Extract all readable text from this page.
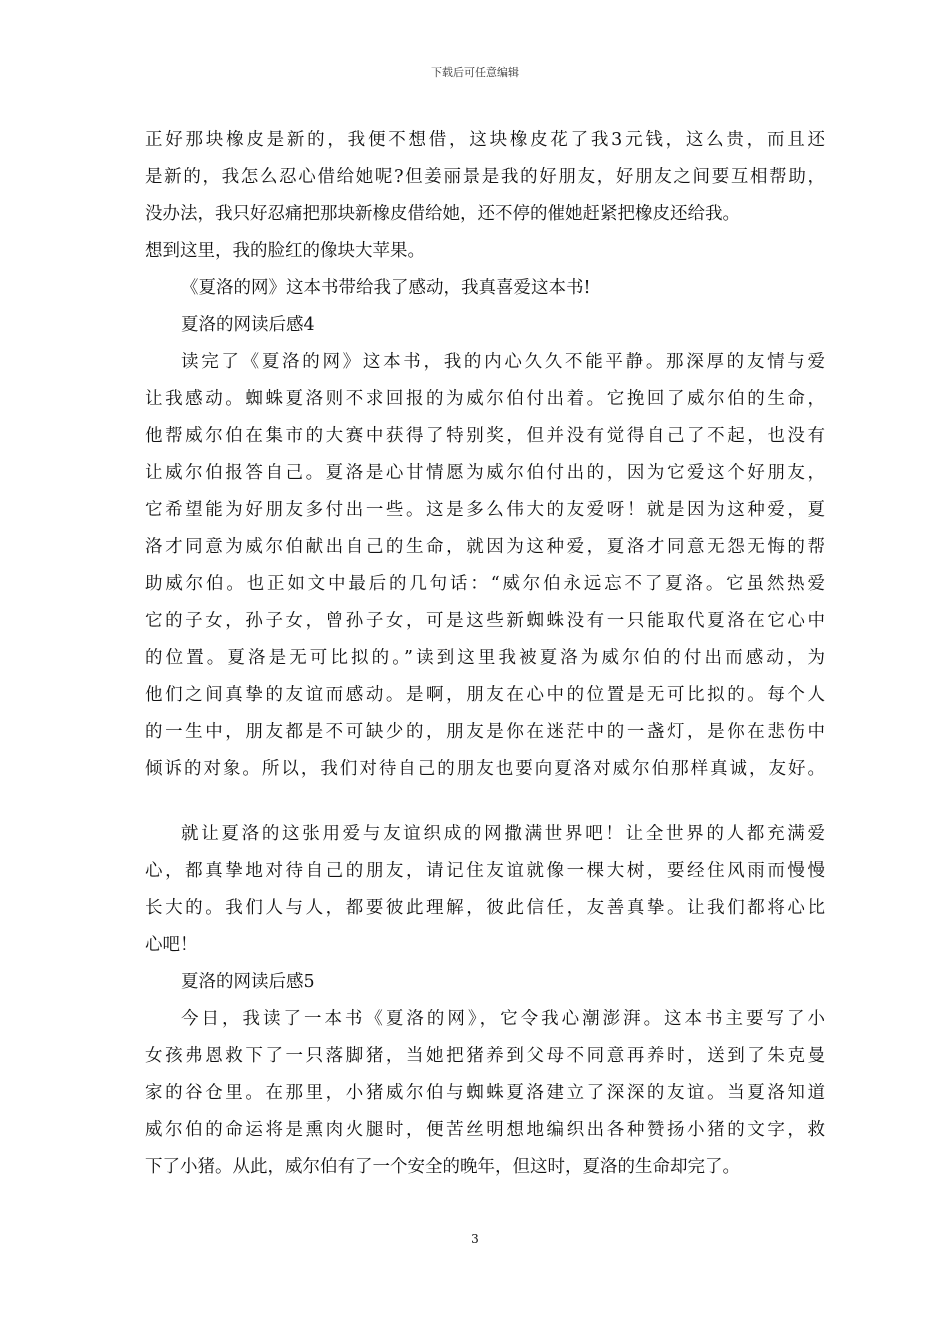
下载后可任意编辑
正好那块橡皮是新的，我便不想借，这块橡皮花了我3元钱，这么贵，而且还
是新的，我怎么忍心借给她呢?但姜丽景是我的好朋友，好朋友之间要互相帮助，
没办法，我只好忍痛把那块新橡皮借给她，还不停的催她赶紧把橡皮还给我。
想到这里，我的脸红的像块大苹果。
《夏洛的网》这本书带给我了感动，我真喜爱这本书!
夏洛的网读后感4
读完了《夏洛的网》这本书，我的内心久久不能平静。那深厚的友情与爱
让我感动。蜘蛛夏洛则不求回报的为威尔伯付出着。它挽回了威尔伯的生命，
他帮威尔伯在集市的大赛中获得了特别奖，但并没有觉得自己了不起，也没有
让威尔伯报答自己。夏洛是心甘情愿为威尔伯付出的，因为它爱这个好朋友，
它希望能为好朋友多付出一些。这是多么伟大的友爱呀！就是因为这种爱，夏
洛才同意为威尔伯献出自己的生命，就因为这种爱，夏洛才同意无怨无悔的帮
助威尔伯。也正如文中最后的几句话：“威尔伯永远忘不了夏洛。它虽然热爱
它的子女，孙子女，曾孙子女，可是这些新蜘蛛没有一只能取代夏洛在它心中
的位置。夏洛是无可比拟的。”读到这里我被夏洛为威尔伯的付出而感动，为
他们之间真挚的友谊而感动。是啊，朋友在心中的位置是无可比拟的。每个人
的一生中，朋友都是不可缺少的，朋友是你在迷茫中的一盏灯，是你在悲伤中
倾诉的对象。所以，我们对待自己的朋友也要向夏洛对威尔伯那样真诚，友好。
就让夏洛的这张用爱与友谊织成的网撒满世界吧！让全世界的人都充满爱
心，都真挚地对待自己的朋友，请记住友谊就像一棵大树，要经住风雨而慢慢
长大的。我们人与人，都要彼此理解，彼此信任，友善真挚。让我们都将心比
心吧！
夏洛的网读后感5
今日，我读了一本书《夏洛的网》，它令我心潮澎湃。这本书主要写了小
女孩弗恩救下了一只落脚猪，当她把猪养到父母不同意再养时，送到了朱克曼
家的谷仓里。在那里，小猪威尔伯与蜘蛛夏洛建立了深深的友谊。当夏洛知道
威尔伯的命运将是熏肉火腿时，便苦丝明想地编织出各种赞扬小猪的文字，救
下了小猪。从此，威尔伯有了一个安全的晚年，但这时，夏洛的生命却完了。
3
